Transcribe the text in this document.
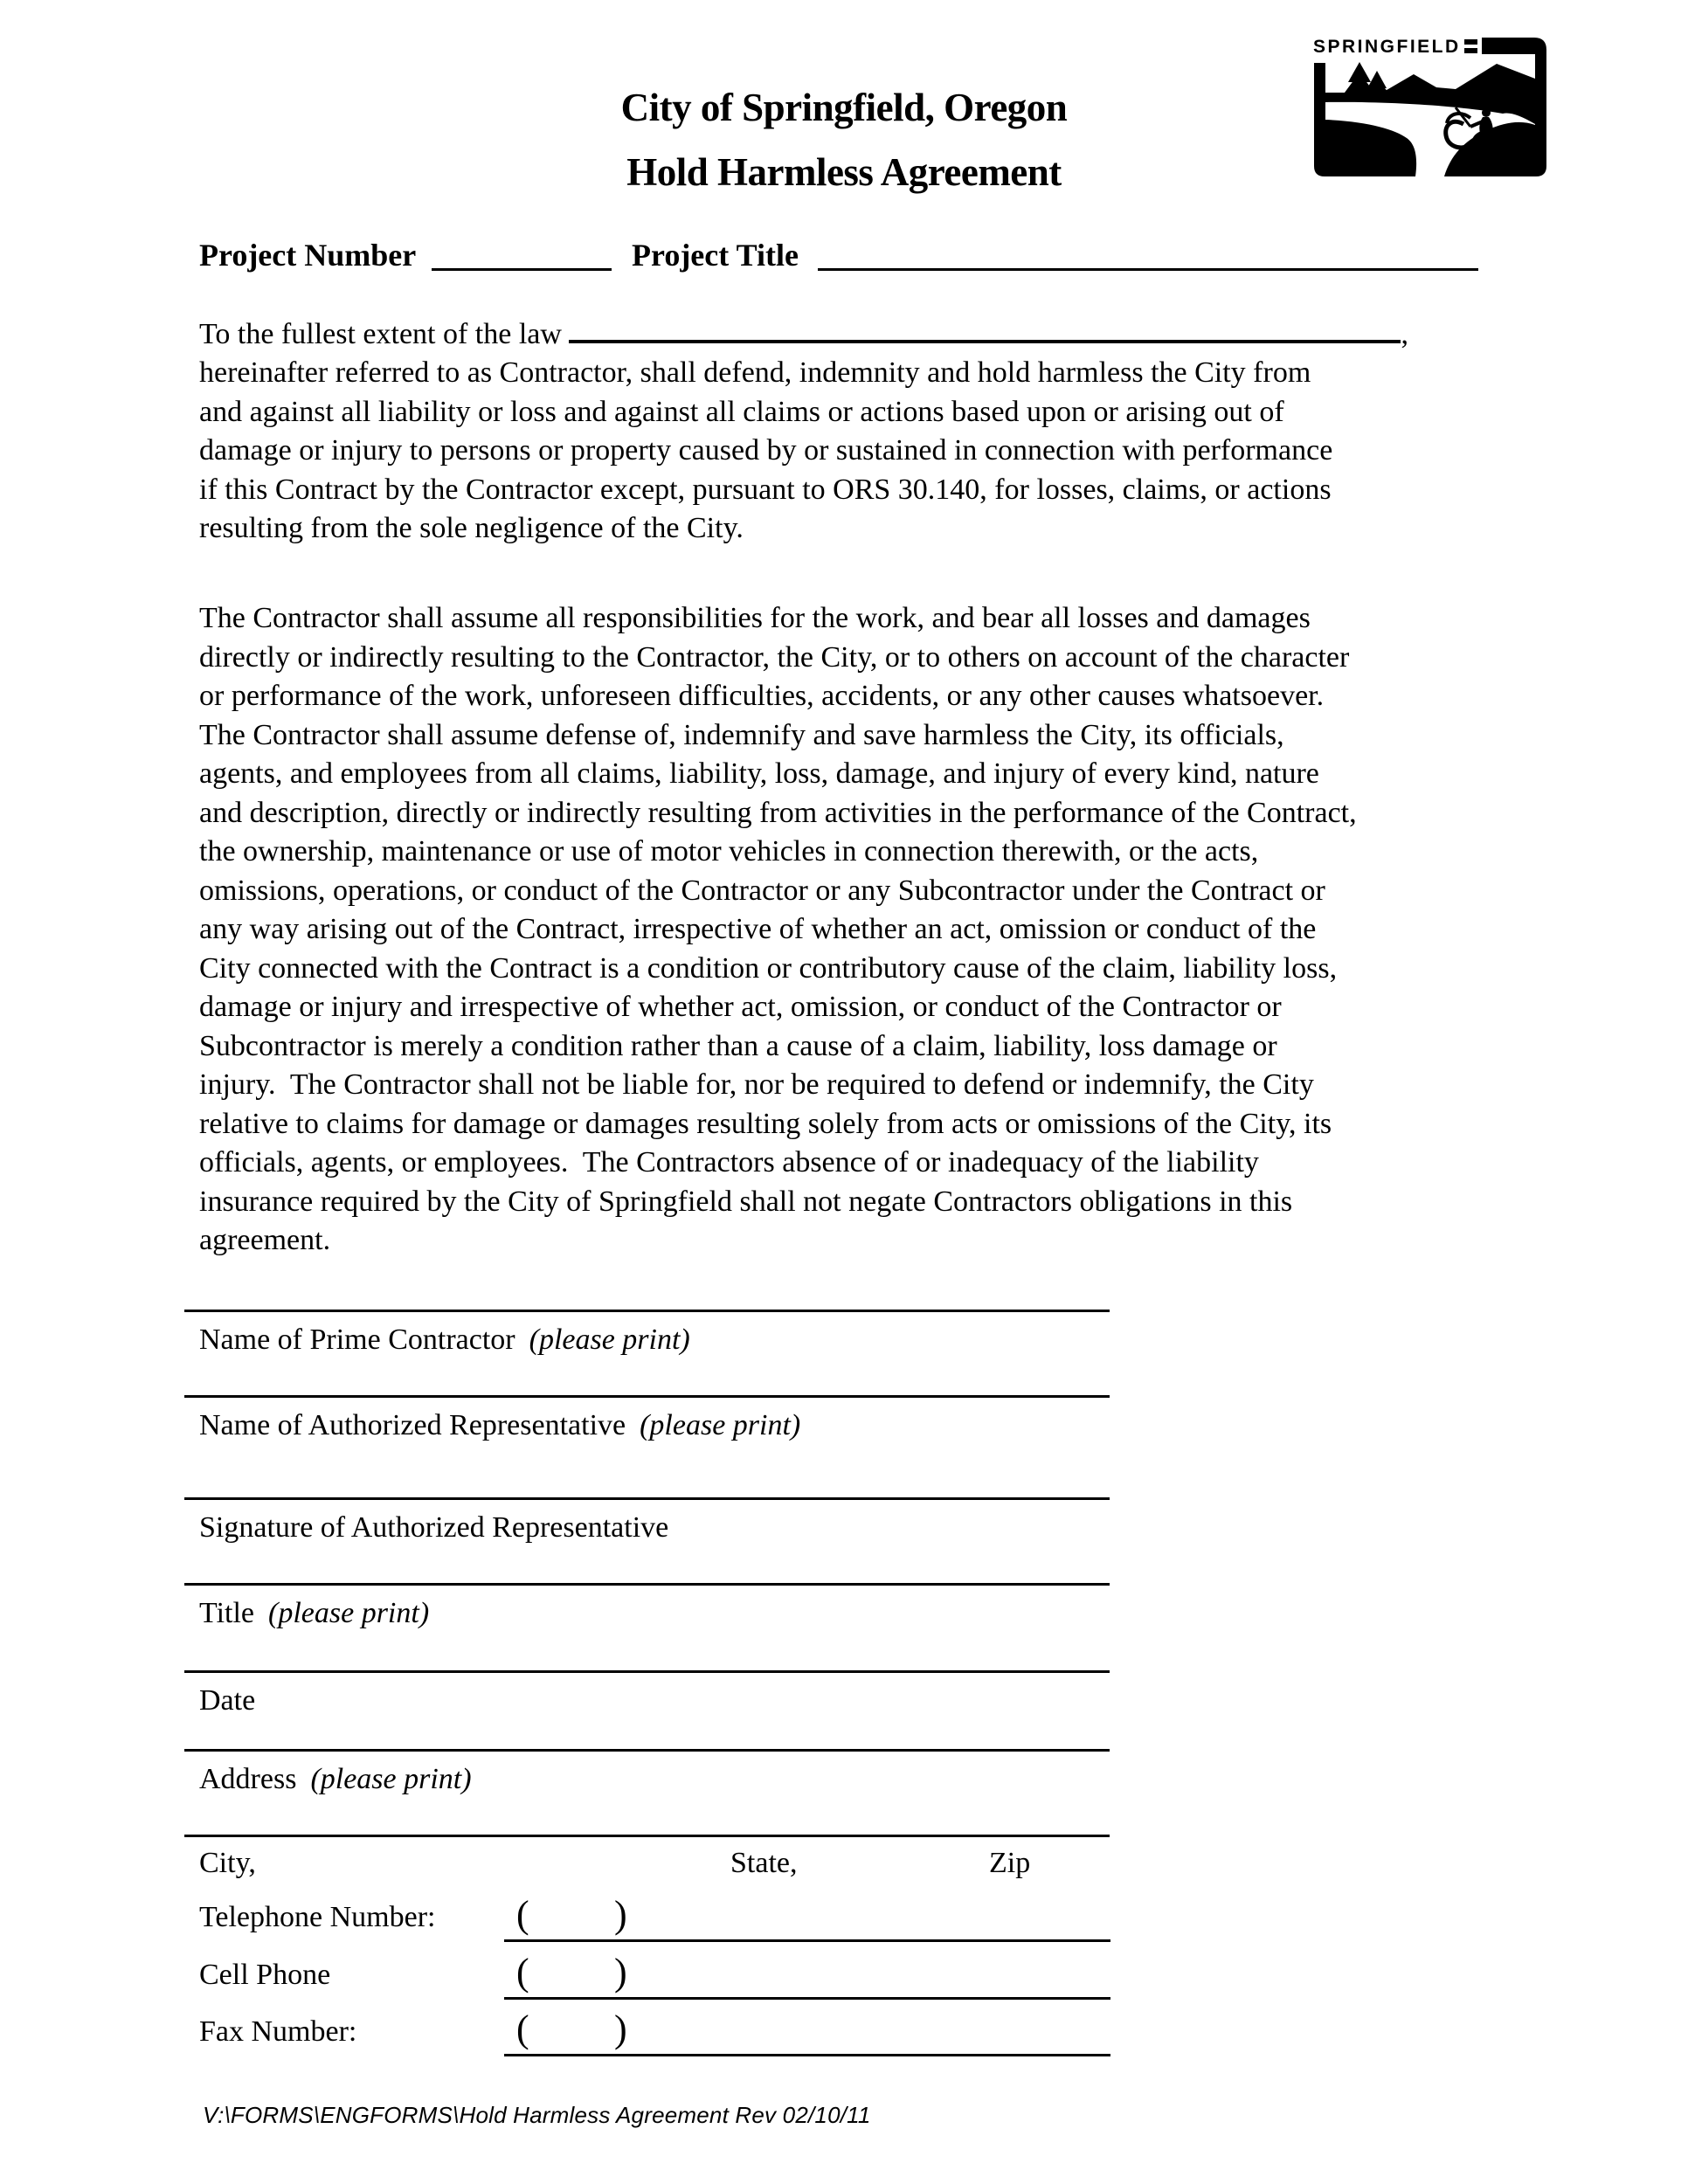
City of Springfield, Oregon
Hold Harmless Agreement
SPRINGFIELD
Project Number	Project Title
To the fullest extent of the law	,
hereinafter referred to as Contractor, shall defend, indemnity and hold harmless the City from
and against all liability or loss and against all claims or actions based upon or arising out of
damage or injury to persons or property caused by or sustained in connection with performance
if this Contract by the Contractor except, pursuant to ORS 30.140, for losses, claims, or actions
resulting from the sole negligence of the City.
The Contractor shall assume all responsibilities for the work, and bear all losses and damages
directly or indirectly resulting to the Contractor, the City, or to others on account of the character
or performance of the work, unforeseen difficulties, accidents, or any other causes whatsoever.
The Contractor shall assume defense of, indemnify and save harmless the City, its officials,
agents, and employees from all claims, liability, loss, damage, and injury of every kind, nature
and description, directly or indirectly resulting from activities in the performance of the Contract,
the ownership, maintenance or use of motor vehicles in connection therewith, or the acts,
omissions, operations, or conduct of the Contractor or any Subcontractor under the Contract or
any way arising out of the Contract, irrespective of whether an act, omission or conduct of the
City connected with the Contract is a condition or contributory cause of the claim, liability loss,
damage or injury and irrespective of whether act, omission, or conduct of the Contractor or
Subcontractor is merely a condition rather than a cause of a claim, liability, loss damage or
injury.  The Contractor shall not be liable for, nor be required to defend or indemnify, the City
relative to claims for damage or damages resulting solely from acts or omissions of the City, its
officials, agents, or employees.  The Contractors absence of or inadequacy of the liability
insurance required by the City of Springfield shall not negate Contractors obligations in this
agreement.
Name of Prime Contractor (please print)
Name of Authorized Representative (please print)
Signature of Authorized Representative
Title (please print)
Date
Address (please print)
City,	State,	Zip
Telephone Number: ( )
Cell Phone	( )
Fax Number:	( )
V:\FORMS\ENGFORMS\Hold Harmless Agreement Rev 02/10/11
